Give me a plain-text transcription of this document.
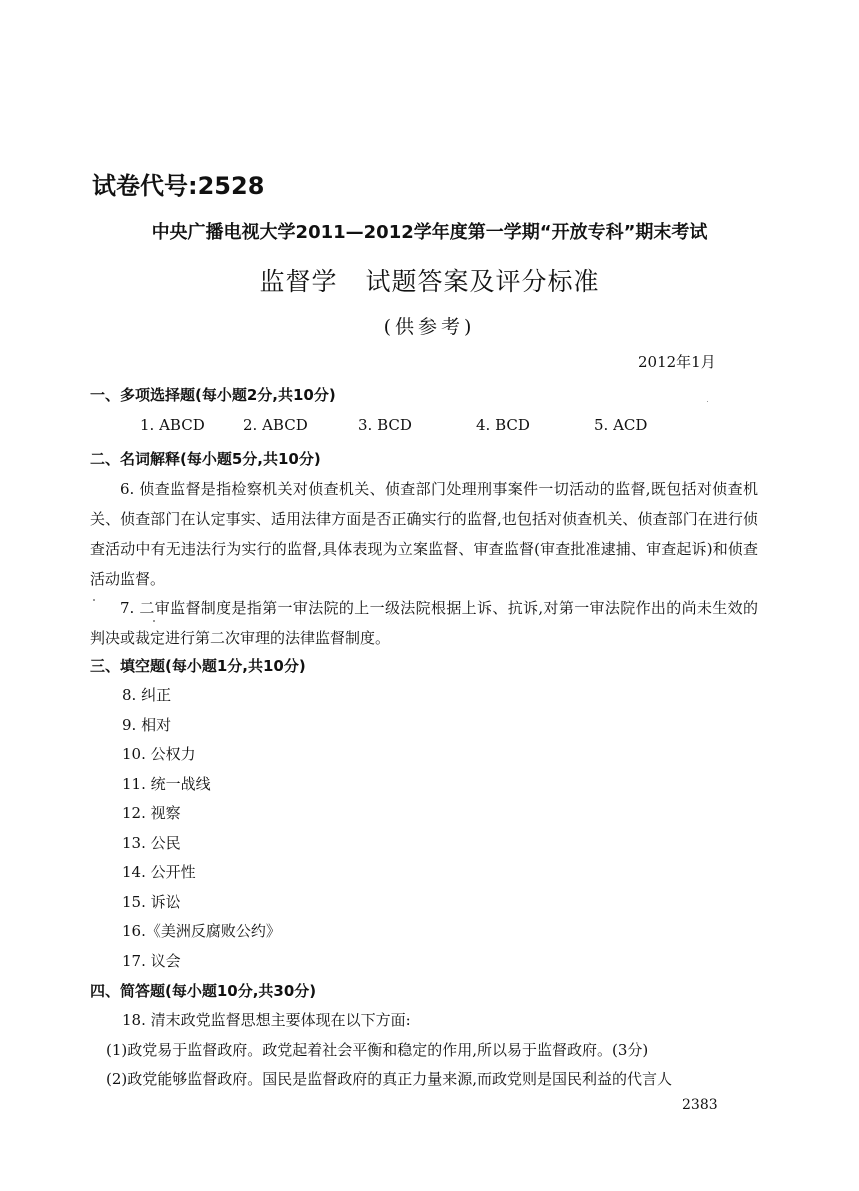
试卷代号:2528
中央广播电视大学2011—2012学年度第一学期“开放专科”期末考试
监督学 试题答案及评分标准
(供参考)
2012年1月
一、多项选择题(每小题2分,共10分)
1. ABCD	2. ABCD	3. BCD	4. BCD	5. ACD
二、名词解释(每小题5分,共10分)
6. 侦查监督是指检察机关对侦查机关、侦查部门处理刑事案件一切活动的监督,既包括对侦查机关、侦查部门在认定事实、适用法律方面是否正确实行的监督,也包括对侦查机关、侦查部门在进行侦查活动中有无违法行为实行的监督,具体表现为立案监督、审查监督(审查批准逮捕、审查起诉)和侦查活动监督。
7. 二审监督制度是指第一审法院的上一级法院根据上诉、抗诉,对第一审法院作出的尚未生效的判决或裁定进行第二次审理的法律监督制度。
三、填空题(每小题1分,共10分)
8. 纠正
9. 相对
10. 公权力
11. 统一战线
12. 视察
13. 公民
14. 公开性
15. 诉讼
16.《美洲反腐败公约》
17. 议会
四、简答题(每小题10分,共30分)
18. 清末政党监督思想主要体现在以下方面:
(1)政党易于监督政府。政党起着社会平衡和稳定的作用,所以易于监督政府。(3分)
(2)政党能够监督政府。国民是监督政府的真正力量来源,而政党则是国民利益的代言人
2383
